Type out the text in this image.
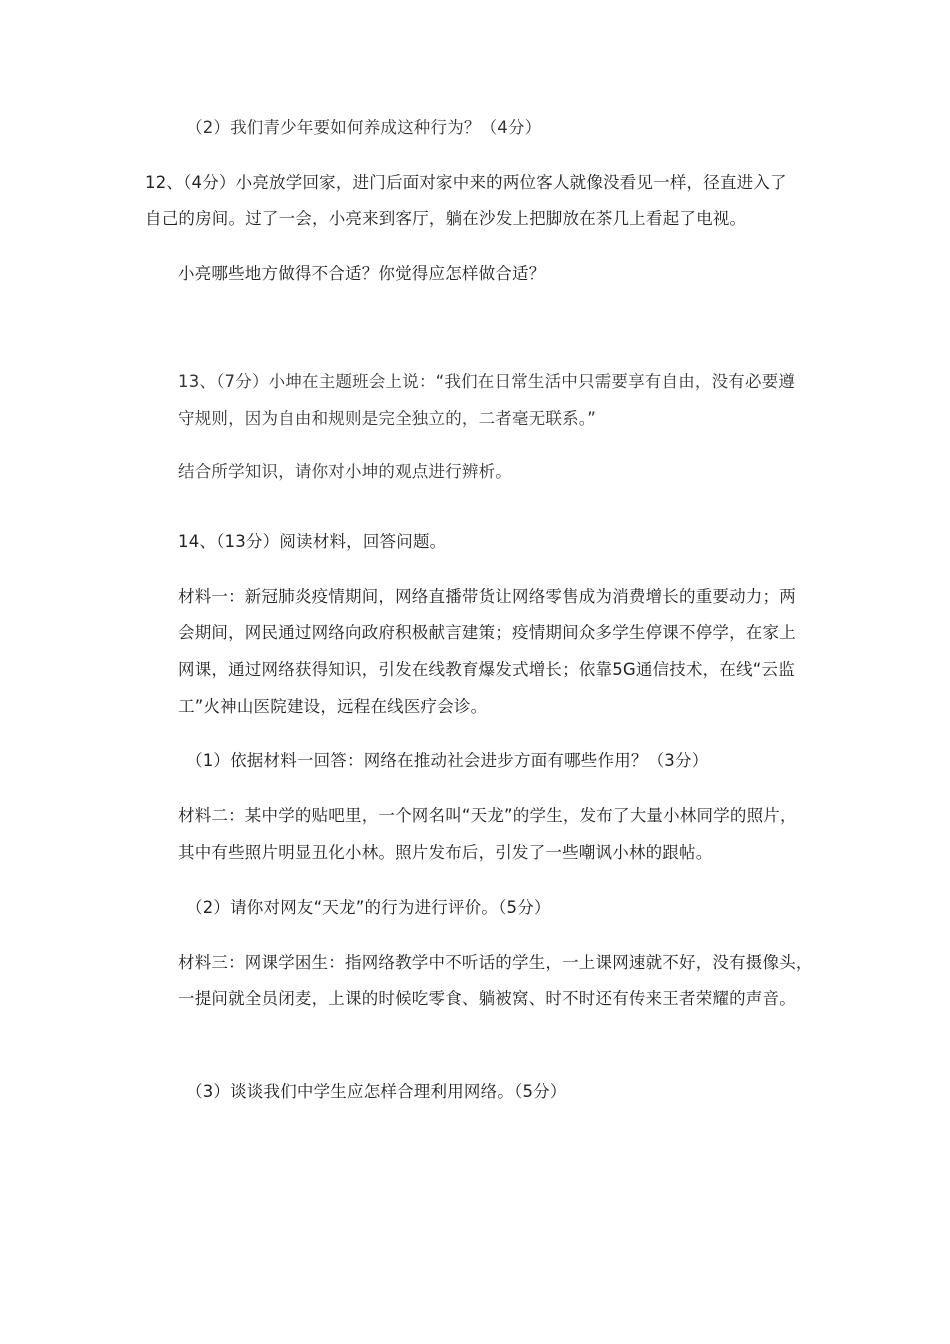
（2）我们青少年要如何养成这种行为？（4分）
12、（4分）小亮放学回家，进门后面对家中来的两位客人就像没看见一样，径直进入了
自己的房间。过了一会，小亮来到客厅，躺在沙发上把脚放在茶几上看起了电视。
小亮哪些地方做得不合适？你觉得应怎样做合适？
13、（7分）小坤在主题班会上说：“我们在日常生活中只需要享有自由，没有必要遵
守规则，因为自由和规则是完全独立的，二者毫无联系。”
结合所学知识，请你对小坤的观点进行辨析。
14、（13分）阅读材料，回答问题。
材料一：新冠肺炎疫情期间，网络直播带货让网络零售成为消费增长的重要动力；两
会期间，网民通过网络向政府积极献言建策；疫情期间众多学生停课不停学，在家上
网课，通过网络获得知识，引发在线教育爆发式增长；依靠5G通信技术，在线“云监
工”火神山医院建设，远程在线医疗会诊。
（1）依据材料一回答：网络在推动社会进步方面有哪些作用？（3分）
材料二：某中学的贴吧里，一个网名叫“天龙”的学生，发布了大量小林同学的照片，
其中有些照片明显丑化小林。照片发布后，引发了一些嘲讽小林的跟帖。
（2）请你对网友“天龙”的行为进行评价。（5分）
材料三：网课学困生：指网络教学中不听话的学生，一上课网速就不好，没有摄像头，
一提问就全员闭麦，上课的时候吃零食、躺被窝、时不时还有传来王者荣耀的声音。
（3）谈谈我们中学生应怎样合理利用网络。（5分）
